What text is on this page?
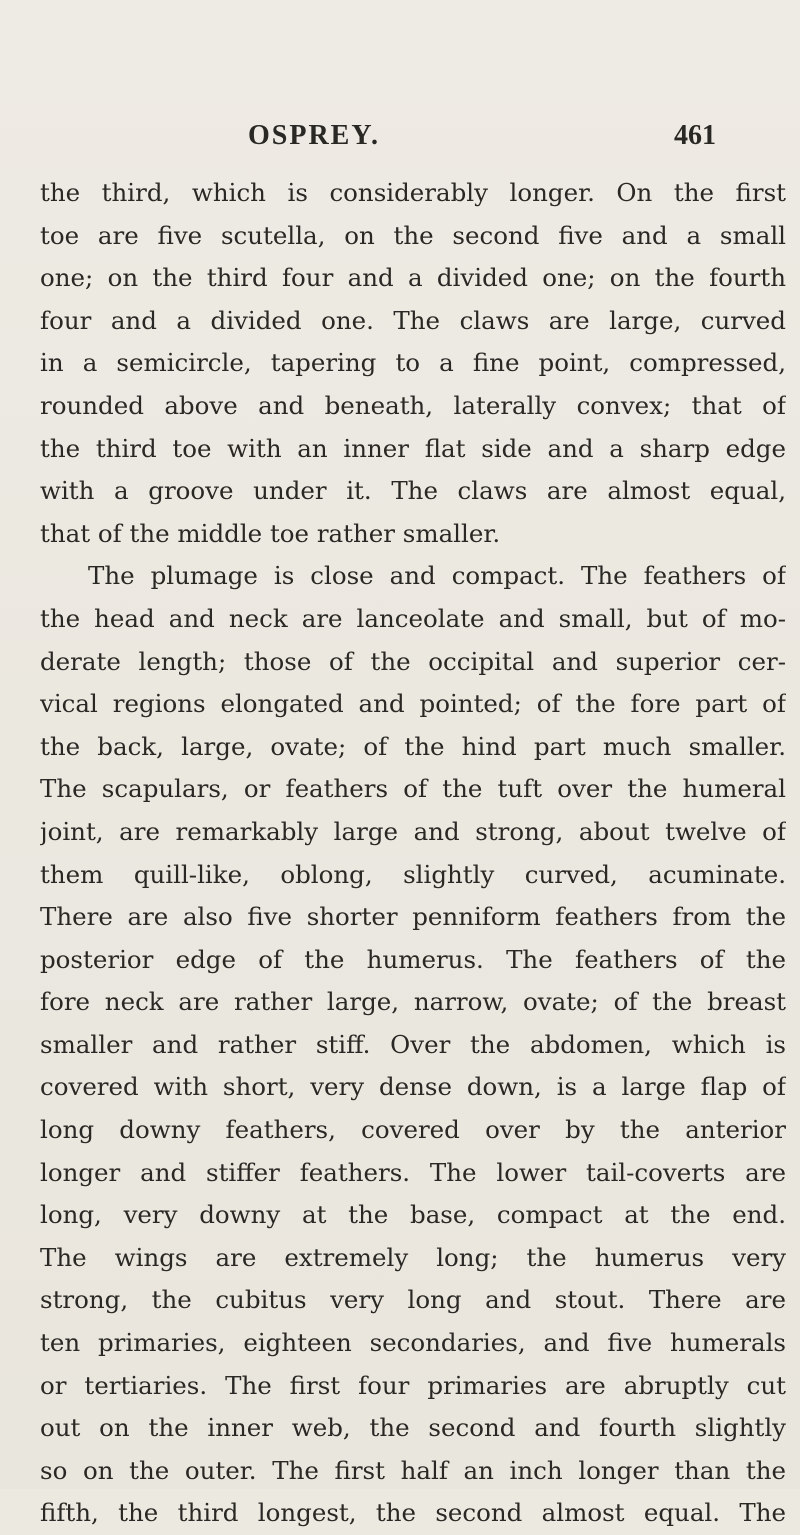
OSPREY.	461
the third, which is considerably longer. On the first
toe are five scutella, on the second five and a small
one; on the third four and a divided one; on the fourth
four and a divided one. The claws are large, curved
in a semicircle, tapering to a fine point, compressed,
rounded above and beneath, laterally convex; that of
the third toe with an inner flat side and a sharp edge
with a groove under it. The claws are almost equal,
that of the middle toe rather smaller.
The plumage is close and compact. The feathers of
the head and neck are lanceolate and small, but of mo-
derate length; those of the occipital and superior cer-
vical regions elongated and pointed; of the fore part of
the back, large, ovate; of the hind part much smaller.
The scapulars, or feathers of the tuft over the humeral
joint, are remarkably large and strong, about twelve of
them quill-like, oblong, slightly curved, acuminate.
There are also five shorter penniform feathers from the
posterior edge of the humerus. The feathers of the
fore neck are rather large, narrow, ovate; of the breast
smaller and rather stiff. Over the abdomen, which is
covered with short, very dense down, is a large flap of
long downy feathers, covered over by the anterior
longer and stiffer feathers. The lower tail-coverts are
long, very downy at the base, compact at the end.
The wings are extremely long; the humerus very
strong, the cubitus very long and stout. There are
ten primaries, eighteen secondaries, and five humerals
or tertiaries. The first four primaries are abruptly cut
out on the inner web, the second and fourth slightly
so on the outer. The first half an inch longer than the
fifth, the third longest, the second almost equal. The
